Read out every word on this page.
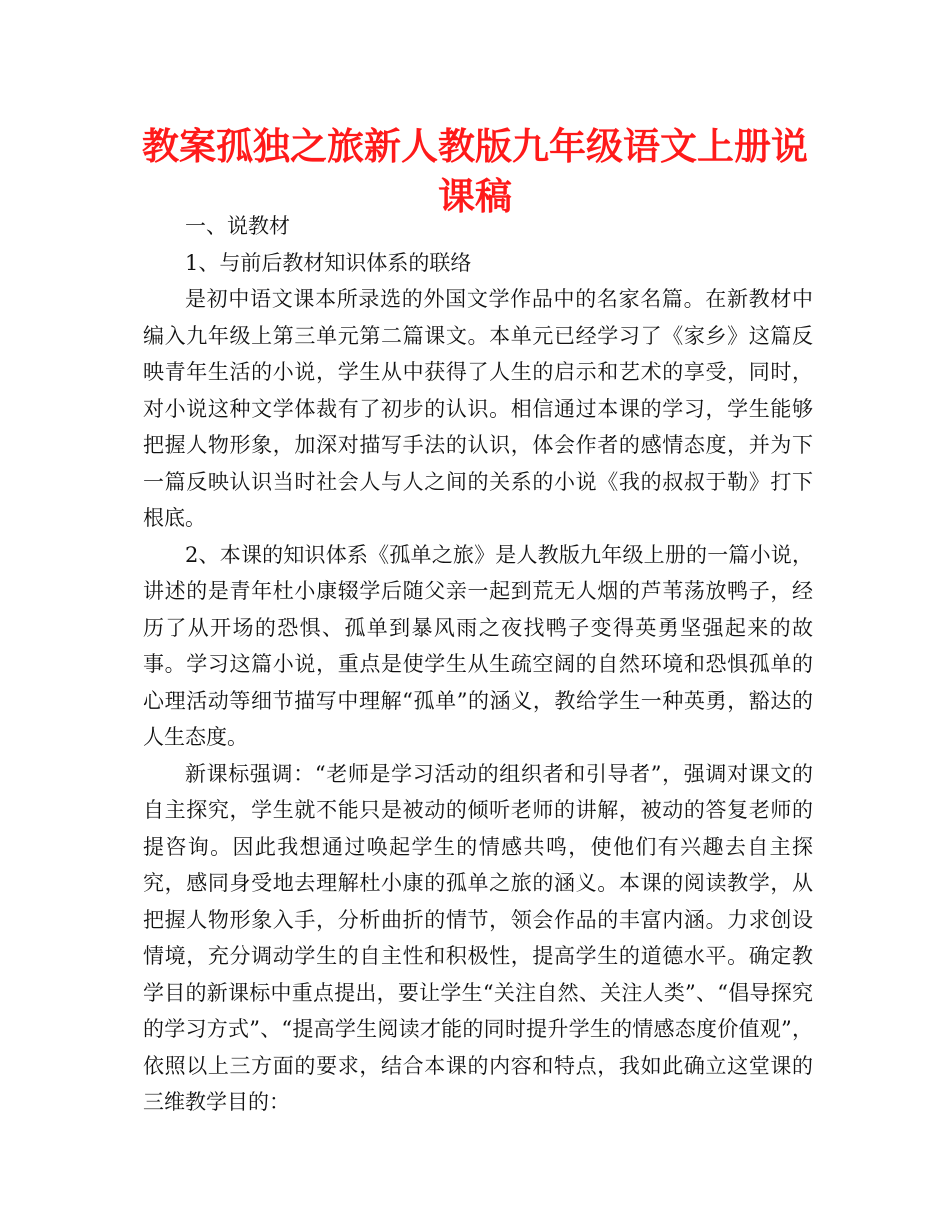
教案孤独之旅新人教版九年级语文上册说课稿

一、说教材

1、与前后教材知识体系的联络

是初中语文课本所录选的外国文学作品中的名家名篇。在新教材中编入九年级上第三单元第二篇课文。本单元已经学习了《家乡》这篇反映青年生活的小说，学生从中获得了人生的启示和艺术的享受，同时，对小说这种文学体裁有了初步的认识。相信通过本课的学习，学生能够把握人物形象，加深对描写手法的认识，体会作者的感情态度，并为下一篇反映认识当时社会人与人之间的关系的小说《我的叔叔于勒》打下根底。

2、本课的知识体系《孤单之旅》是人教版九年级上册的一篇小说，讲述的是青年杜小康辍学后随父亲一起到荒无人烟的芦苇荡放鸭子，经历了从开场的恐惧、孤单到暴风雨之夜找鸭子变得英勇坚强起来的故事。学习这篇小说，重点是使学生从生疏空阔的自然环境和恐惧孤单的心理活动等细节描写中理解“孤单”的涵义，教给学生一种英勇，豁达的人生态度。

新课标强调：“老师是学习活动的组织者和引导者”，强调对课文的自主探究，学生就不能只是被动的倾听老师的讲解，被动的答复老师的提咨询。因此我想通过唤起学生的情感共鸣，使他们有兴趣去自主探究，感同身受地去理解杜小康的孤单之旅的涵义。本课的阅读教学，从把握人物形象入手，分析曲折的情节，领会作品的丰富内涵。力求创设情境，充分调动学生的自主性和积极性，提高学生的道德水平。确定教学目的新课标中重点提出，要让学生“关注自然、关注人类”、“倡导探究的学习方式”、“提高学生阅读才能的同时提升学生的情感态度价值观”，依照以上三方面的要求，结合本课的内容和特点，我如此确立这堂课的三维教学目的：
